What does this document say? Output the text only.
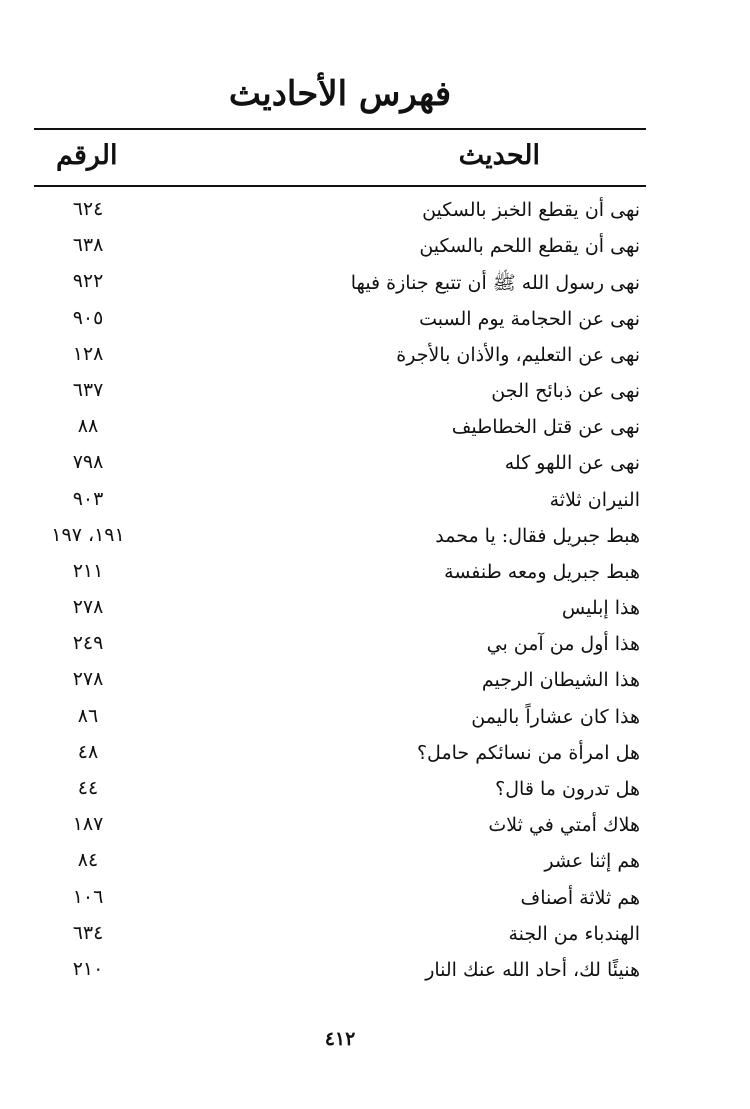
فهرس الأحاديث
الحديث
الرقم
نهى أن يقطع الخبز بالسكين
٦٢٤
نهى أن يقطع اللحم بالسكين
٦٣٨
نهى رسول الله ﷺ أن تتبع جنازة فيها
٩٢٢
نهى عن الحجامة يوم السبت
٩٠٥
نهى عن التعليم، والأذان بالأجرة
١٢٨
نهى عن ذبائح الجن
٦٣٧
نهى عن قتل الخطاطيف
٨٨
نهى عن اللهو كله
٧٩٨
النيران ثلاثة
٩٠٣
هبط جبريل فقال: يا محمد
١٩١، ١٩٧
هبط جبريل ومعه طنفسة
٢١١
هذا إبليس
٢٧٨
هذا أول من آمن بي
٢٤٩
هذا الشيطان الرجيم
٢٧٨
هذا كان عشاراً باليمن
٨٦
هل امرأة من نسائكم حامل؟
٤٨
هل تدرون ما قال؟
٤٤
هلاك أمتي في ثلاث
١٨٧
هم إثنا عشر
٨٤
هم ثلاثة أصناف
١٠٦
الهندباء من الجنة
٦٣٤
هنيئًا لك، أحاد الله عنك النار
٢١٠
٤١٢
